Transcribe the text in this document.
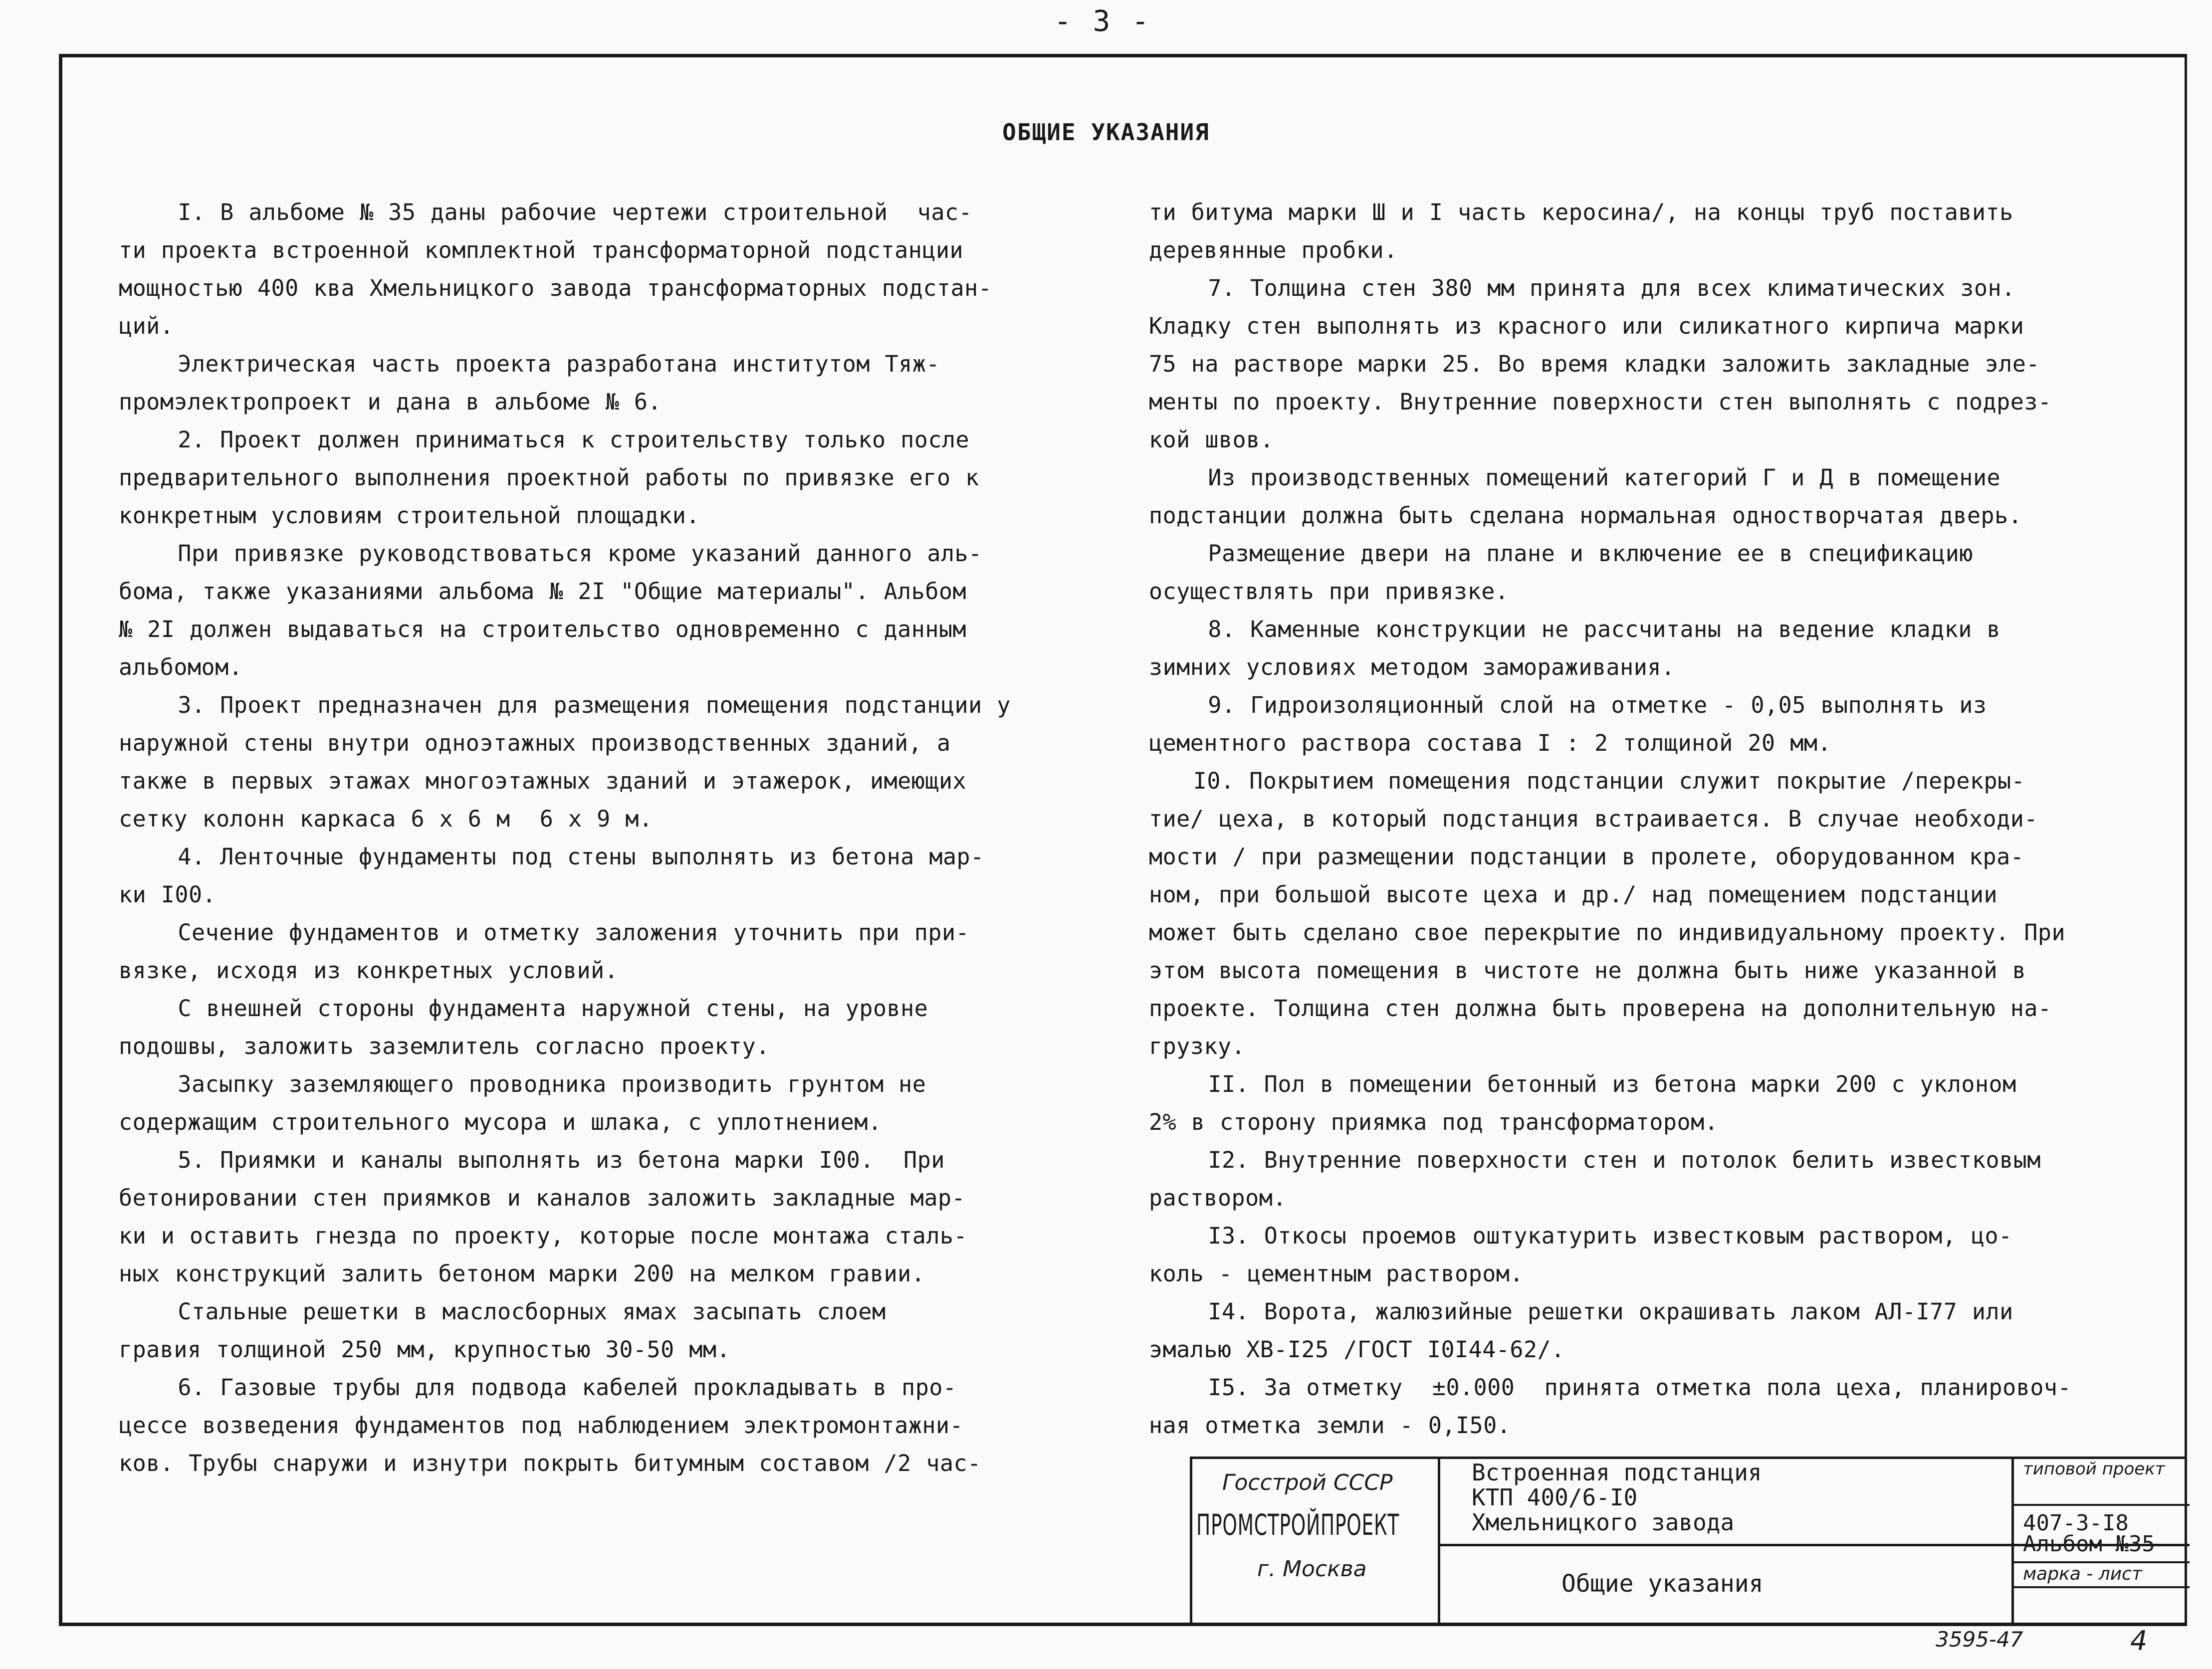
- 3 -
ОБЩИЕ УКАЗАНИЯ
I. В альбоме № 35 даны рабочие чертежи строительной  час-
ти проекта встроенной комплектной трансформаторной подстанции
мощностью 400 ква Хмельницкого завода трансформаторных подстан-
ций.
Электрическая часть проекта разработана институтом Тяж-
промэлектропроект и дана в альбоме № 6.
2. Проект должен приниматься к строительству только после
предварительного выполнения проектной работы по привязке его к
конкретным условиям строительной площадки.
При привязке руководствоваться кроме указаний данного аль-
бома, также указаниями альбома № 2I "Общие материалы". Альбом
№ 2I должен выдаваться на строительство одновременно с данным
альбомом.
3. Проект предназначен для размещения помещения подстанции у
наружной стены внутри одноэтажных производственных зданий, а
также в первых этажах многоэтажных зданий и этажерок, имеющих
сетку колонн каркаса 6 х 6 м  6 х 9 м.
4. Ленточные фундаменты под стены выполнять из бетона мар-
ки I00.
Сечение фундаментов и отметку заложения уточнить при при-
вязке, исходя из конкретных условий.
С внешней стороны фундамента наружной стены, на уровне
подошвы, заложить заземлитель согласно проекту.
Засыпку заземляющего проводника производить грунтом не
содержащим строительного мусора и шлака, с уплотнением.
5. Приямки и каналы выполнять из бетона марки I00.  При
бетонировании стен приямков и каналов заложить закладные мар-
ки и оставить гнезда по проекту, которые после монтажа сталь-
ных конструкций залить бетоном марки 200 на мелком гравии.
Стальные решетки в маслосборных ямах засыпать слоем
гравия толщиной 250 мм, крупностью 30-50 мм.
6. Газовые трубы для подвода кабелей прокладывать в про-
цессе возведения фундаментов под наблюдением электромонтажни-
ков. Трубы снаружи и изнутри покрыть битумным составом /2 час-
ти битума марки Ш и I часть керосина/, на концы труб поставить
деревянные пробки.
7. Толщина стен 380 мм принята для всех климатических зон.
Кладку стен выполнять из красного или силикатного кирпича марки
75 на растворе марки 25. Во время кладки заложить закладные эле-
менты по проекту. Внутренние поверхности стен выполнять с подрез-
кой швов.
Из производственных помещений категорий Г и Д в помещение
подстанции должна быть сделана нормальная одностворчатая дверь.
Размещение двери на плане и включение ее в спецификацию
осуществлять при привязке.
8. Каменные конструкции не рассчитаны на ведение кладки в
зимних условиях методом замораживания.
9. Гидроизоляционный слой на отметке - 0,05 выполнять из
цементного раствора состава I : 2 толщиной 20 мм.
I0. Покрытием помещения подстанции служит покрытие /перекры-
тие/ цеха, в который подстанция встраивается. В случае необходи-
мости / при размещении подстанции в пролете, оборудованном кра-
ном, при большой высоте цеха и др./ над помещением подстанции
может быть сделано свое перекрытие по индивидуальному проекту. При
этом высота помещения в чистоте не должна быть ниже указанной в
проекте. Толщина стен должна быть проверена на дополнительную на-
грузку.
II. Пол в помещении бетонный из бетона марки 200 с уклоном
2% в сторону приямка под трансформатором.
I2. Внутренние поверхности стен и потолок белить известковым
раствором.
I3. Откосы проемов оштукатурить известковым раствором, цо-
коль - цементным раствором.
I4. Ворота, жалюзийные решетки окрашивать лаком АЛ-I77 или
эмалью ХВ-I25 /ГОСТ I0I44-62/.
I5. За отметку  ±0.000  принята отметка пола цеха, планировоч-
ная отметка земли - 0,I50.
Госстрой СССР
ПРОМСТРОЙПРОЕКТ
г. Москва
Встроенная подстанция
КТП 400/6-I0
Хмельницкого завода
Общие указания
типовой проект
407-3-I8
Альбом №35
марка - лист
3595-47	4
